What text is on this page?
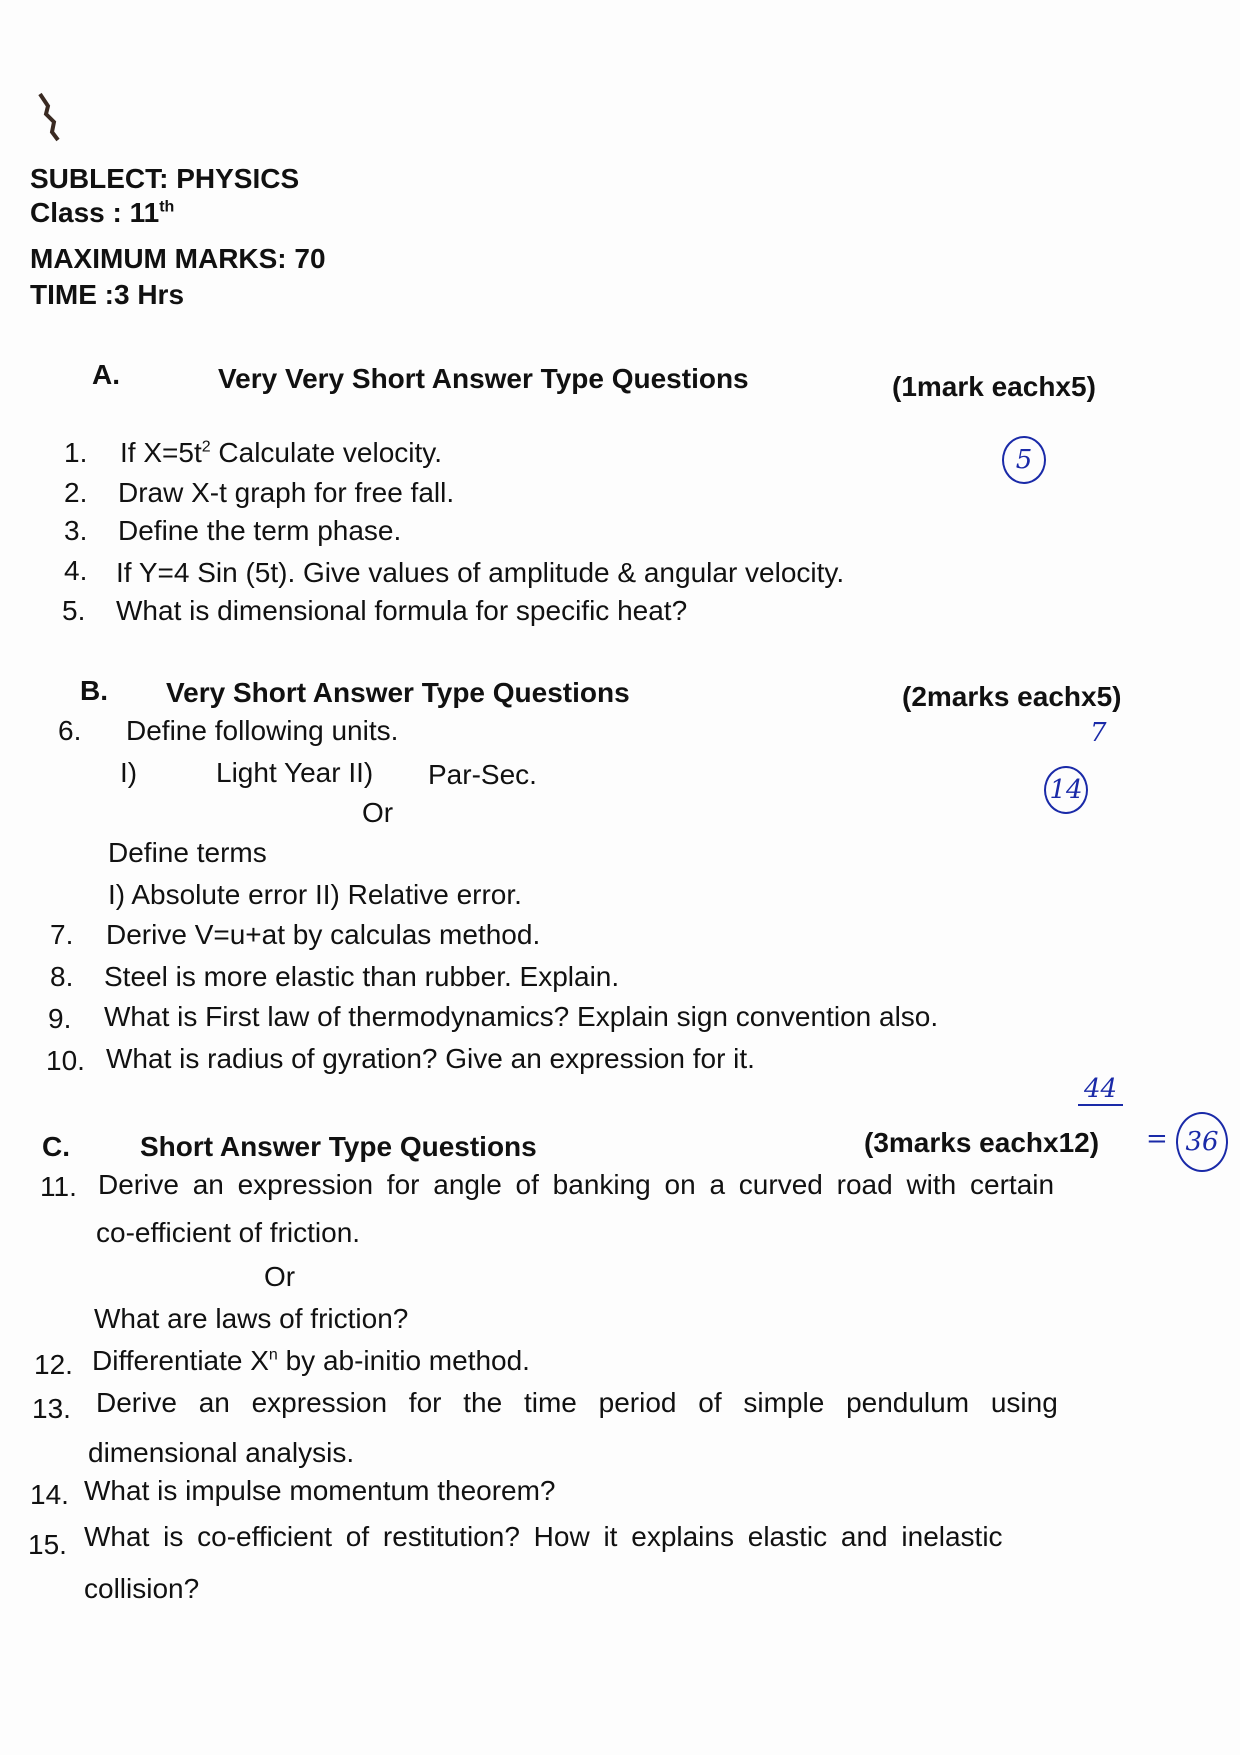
SUBLECT: PHYSICS
Class : 11th
MAXIMUM MARKS: 70
TIME :3 Hrs
A.	Very Very Short Answer Type Questions	(1mark eachx5)
1. If $X=5t^2$ Calculate velocity.
2. Draw X-t graph for free fall.
3. Define the term phase.
4. If Y=4 Sin (5t). Give values of amplitude & angular velocity.
5. What is dimensional formula for specific heat?
5
B. Very Short Answer Type Questions	(2marks eachx5)
7
14
6. Define following units.
I)	Light Year II) Par-Sec.
Or
Define terms
I) Absolute error II) Relative error.
7. Derive V=u+at by calculas method.
8. Steel is more elastic than rubber. Explain.
9. What is First law of thermodynamics? Explain sign convention also.
10. What is radius of gyration? Give an expression for it.
44
C.	Short Answer Type Questions	(3marks eachx12) = 36
11. Derive an expression for angle of banking on a curved road with certain
co-efficient of friction.
Or
What are laws of friction?
12. Differentiate $X^n$ by ab-initio method.
13. Derive an expression for the time period of simple pendulum using
dimensional analysis.
14. What is impulse momentum theorem?
15. What is co-efficient of restitution? How it explains elastic and inelastic
collision?
